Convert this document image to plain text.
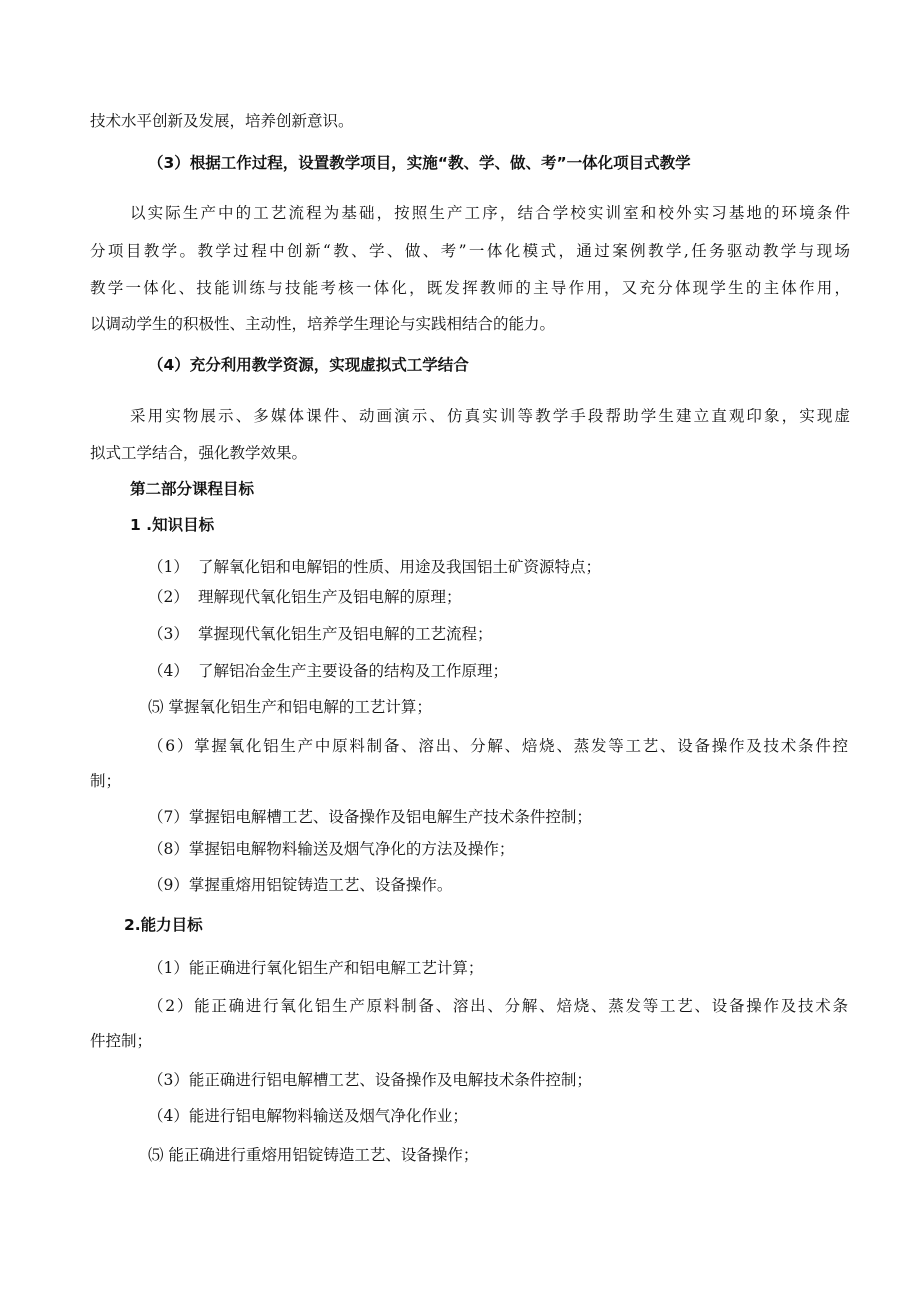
技术水平创新及发展，培养创新意识。
（3）根据工作过程，设置教学项目，实施“教、学、做、考”一体化项目式教学
以实际生产中的工艺流程为基础，按照生产工序，结合学校实训室和校外实习基地的环境条件
分项目教学。教学过程中创新“教、学、做、考”一体化模式，通过案例教学,任务驱动教学与现场
教学一体化、技能训练与技能考核一体化，既发挥教师的主导作用，又充分体现学生的主体作用，
以调动学生的积极性、主动性，培养学生理论与实践相结合的能力。
（4）充分利用教学资源，实现虚拟式工学结合
采用实物展示、多媒体课件、动画演示、仿真实训等教学手段帮助学生建立直观印象，实现虚
拟式工学结合，强化教学效果。
第二部分课程目标
1 .知识目标
（1） 了解氧化铝和电解铝的性质、用途及我国铝土矿资源特点；
（2） 理解现代氧化铝生产及铝电解的原理；
（3） 掌握现代氧化铝生产及铝电解的工艺流程；
（4） 了解铝冶金生产主要设备的结构及工作原理；
⑸ 掌握氧化铝生产和铝电解的工艺计算；
（6）掌握氧化铝生产中原料制备、溶出、分解、焙烧、蒸发等工艺、设备操作及技术条件控
制；
（7）掌握铝电解槽工艺、设备操作及铝电解生产技术条件控制；
（8）掌握铝电解物料输送及烟气净化的方法及操作；
（9）掌握重熔用铝锭铸造工艺、设备操作。
2.能力目标
（1）能正确进行氧化铝生产和铝电解工艺计算；
（2）能正确进行氧化铝生产原料制备、溶出、分解、焙烧、蒸发等工艺、设备操作及技术条
件控制；
（3）能正确进行铝电解槽工艺、设备操作及电解技术条件控制；
（4）能进行铝电解物料输送及烟气净化作业；
⑸ 能正确进行重熔用铝锭铸造工艺、设备操作；
